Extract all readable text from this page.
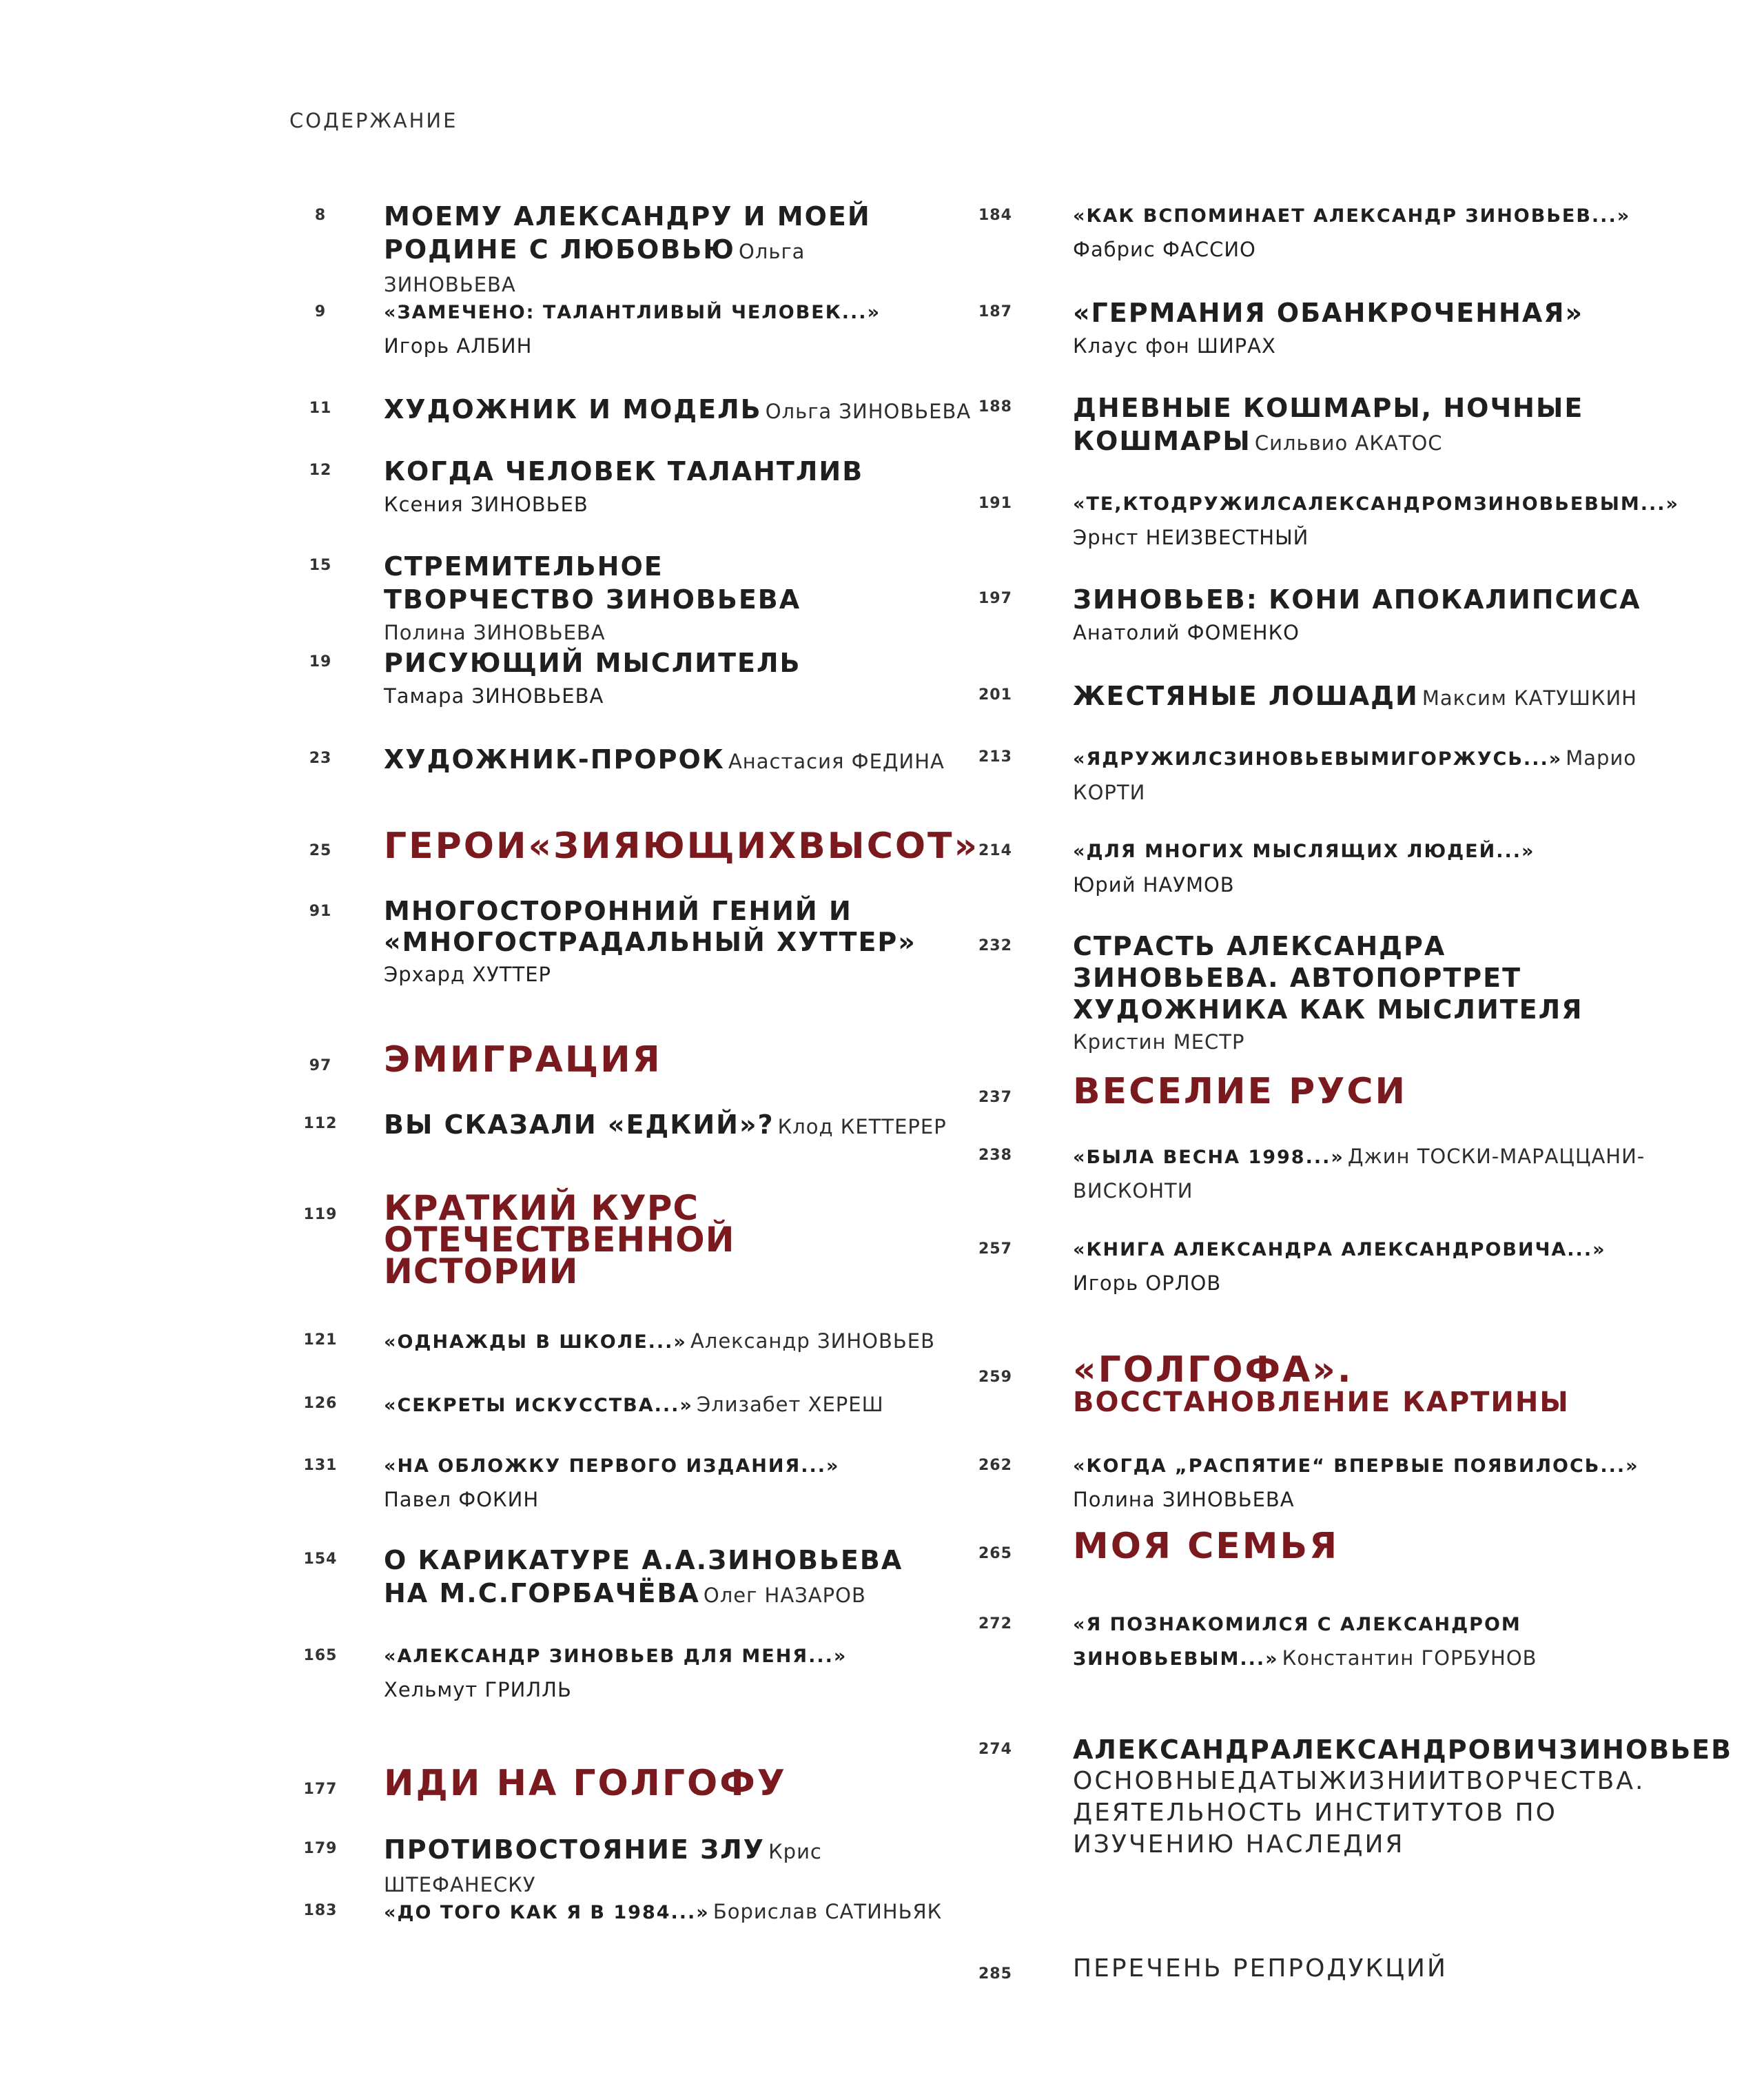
СОДЕРЖАНИЕ
8	МОЕМУ АЛЕКСАНДРУ И МОЕЙ РОДИНЕ С ЛЮБОВЬЮ Ольга ЗИНОВЬЕВА
9	«ЗАМЕЧЕНО: ТАЛАНТЛИВЫЙ ЧЕЛОВЕК...»
Игорь АЛБИН
11	ХУДОЖНИК И МОДЕЛЬ Ольга ЗИНОВЬЕВА
12	КОГДА ЧЕЛОВЕК ТАЛАНТЛИВ
Ксения ЗИНОВЬЕВ
15	СТРЕМИТЕЛЬНОЕ ТВОРЧЕСТВО ЗИНОВЬЕВА Полина ЗИНОВЬЕВА
19	РИСУЮЩИЙ МЫСЛИТЕЛЬ
Тамара ЗИНОВЬЕВА
23	ХУДОЖНИК-ПРОРОК Анастасия ФЕДИНА
25	ГЕРОИ«ЗИЯЮЩИХВЫСОТ»
91	МНОГОСТОРОННИЙ ГЕНИЙ И «МНОГОСТРАДАЛЬНЫЙ ХУТТЕР»
Эрхард ХУТТЕР
97	ЭМИГРАЦИЯ
112	ВЫ СКАЗАЛИ «ЕДКИЙ»? Клод КЕТТЕРЕР
119	КРАТКИЙ КУРС ОТЕЧЕСТВЕННОЙ ИСТОРИИ
121	«ОДНАЖДЫ В ШКОЛЕ...» Александр ЗИНОВЬЕВ
126	«СЕКРЕТЫ ИСКУССТВА...» Элизабет ХЕРЕШ
131	«НА ОБЛОЖКУ ПЕРВОГО ИЗДАНИЯ...»
Павел ФОКИН
154	О КАРИКАТУРЕ А.А.ЗИНОВЬЕВА НА М.С.ГОРБАЧЁВА Олег НАЗАРОВ
165	«АЛЕКСАНДР ЗИНОВЬЕВ ДЛЯ МЕНЯ...»
Хельмут ГРИЛЛЬ
177	ИДИ НА ГОЛГОФУ
179	ПРОТИВОСТОЯНИЕ ЗЛУ Крис ШТЕФАНЕСКУ
183	«ДО ТОГО КАК Я В 1984...» Борислав САТИНЬЯК
184	«КАК ВСПОМИНАЕТ АЛЕКСАНДР ЗИНОВЬЕВ...»
Фабрис ФАССИО
187	«ГЕРМАНИЯ ОБАНКРОЧЕННАЯ»
Клаус фон ШИРАХ
188	ДНЕВНЫЕ КОШМАРЫ, НОЧНЫЕ КОШМАРЫ Сильвио АКАТОС
191	«ТЕ,КТОДРУЖИЛСАЛЕКСАНДРОМЗИНОВЬЕВЫМ...»
Эрнст НЕИЗВЕСТНЫЙ
197	ЗИНОВЬЕВ: КОНИ АПОКАЛИПСИСА
Анатолий ФОМЕНКО
201	ЖЕСТЯНЫЕ ЛОШАДИ Максим КАТУШКИН
213	«ЯДРУЖИЛСЗИНОВЬЕВЫМИГОРЖУСЬ...» Марио КОРТИ
214	«ДЛЯ МНОГИХ МЫСЛЯЩИХ ЛЮДЕЙ...»
Юрий НАУМОВ
232	СТРАСТЬ АЛЕКСАНДРА ЗИНОВЬЕВА. АВТОПОРТРЕТ ХУДОЖНИКА КАК МЫСЛИТЕЛЯ Кристин МЕСТР
237	ВЕСЕЛИЕ РУСИ
238	«БЫЛА ВЕСНА 1998...» Джин ТОСКИ-МАРАЦЦАНИ-ВИСКОНТИ
257	«КНИГА АЛЕКСАНДРА АЛЕКСАНДРОВИЧА...»
Игорь ОРЛОВ
259	«ГОЛГОФА».
ВОССТАНОВЛЕНИЕ КАРТИНЫ
262	«КОГДА „РАСПЯТИЕ“ ВПЕРВЫЕ ПОЯВИЛОСЬ...»
Полина ЗИНОВЬЕВА
265	МОЯ СЕМЬЯ
272	«Я ПОЗНАКОМИЛСЯ С АЛЕКСАНДРОМ ЗИНОВЬЕВЫМ...» Константин ГОРБУНОВ
274	АЛЕКСАНДРАЛЕКСАНДРОВИЧЗИНОВЬЕВ
ОСНОВНЫЕДАТЫЖИЗНИИТВОРЧЕСТВА. ДЕЯТЕЛЬНОСТЬ ИНСТИТУТОВ ПО ИЗУЧЕНИЮ НАСЛЕДИЯ
285	ПЕРЕЧЕНЬ РЕПРОДУКЦИЙ
